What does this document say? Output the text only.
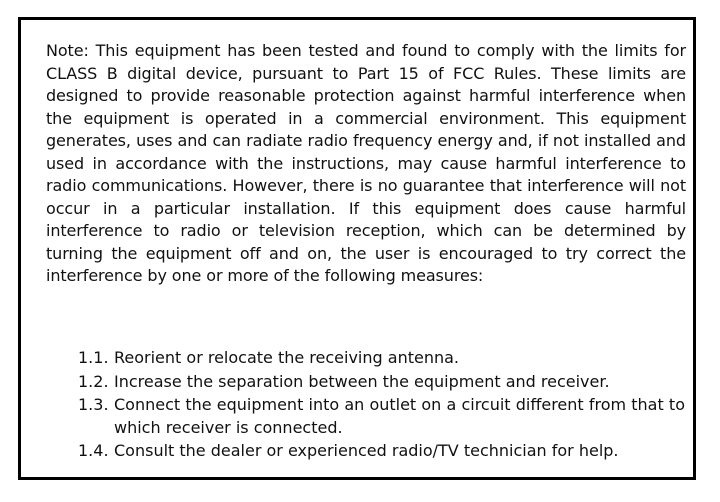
Note: This equipment has been tested and found to comply with the limits for CLASS B digital device, pursuant to Part 15 of FCC Rules. These limits are designed to provide reasonable protection against harmful interference when the equipment is operated in a commercial environment. This equipment generates, uses and can radiate radio frequency energy and, if not installed and used in accordance with the instructions, may cause harmful interference to radio communications. However, there is no guarantee that interference will not occur in a particular installation. If this equipment does cause harmful interference to radio or television reception, which can be determined by turning the equipment off and on, the user is encouraged to try correct the interference by one or more of the following measures:

1.1. Reorient or relocate the receiving antenna.
1.2. Increase the separation between the equipment and receiver.
1.3. Connect the equipment into an outlet on a circuit different from that to which receiver is connected.
1.4. Consult the dealer or experienced radio/TV technician for help.
